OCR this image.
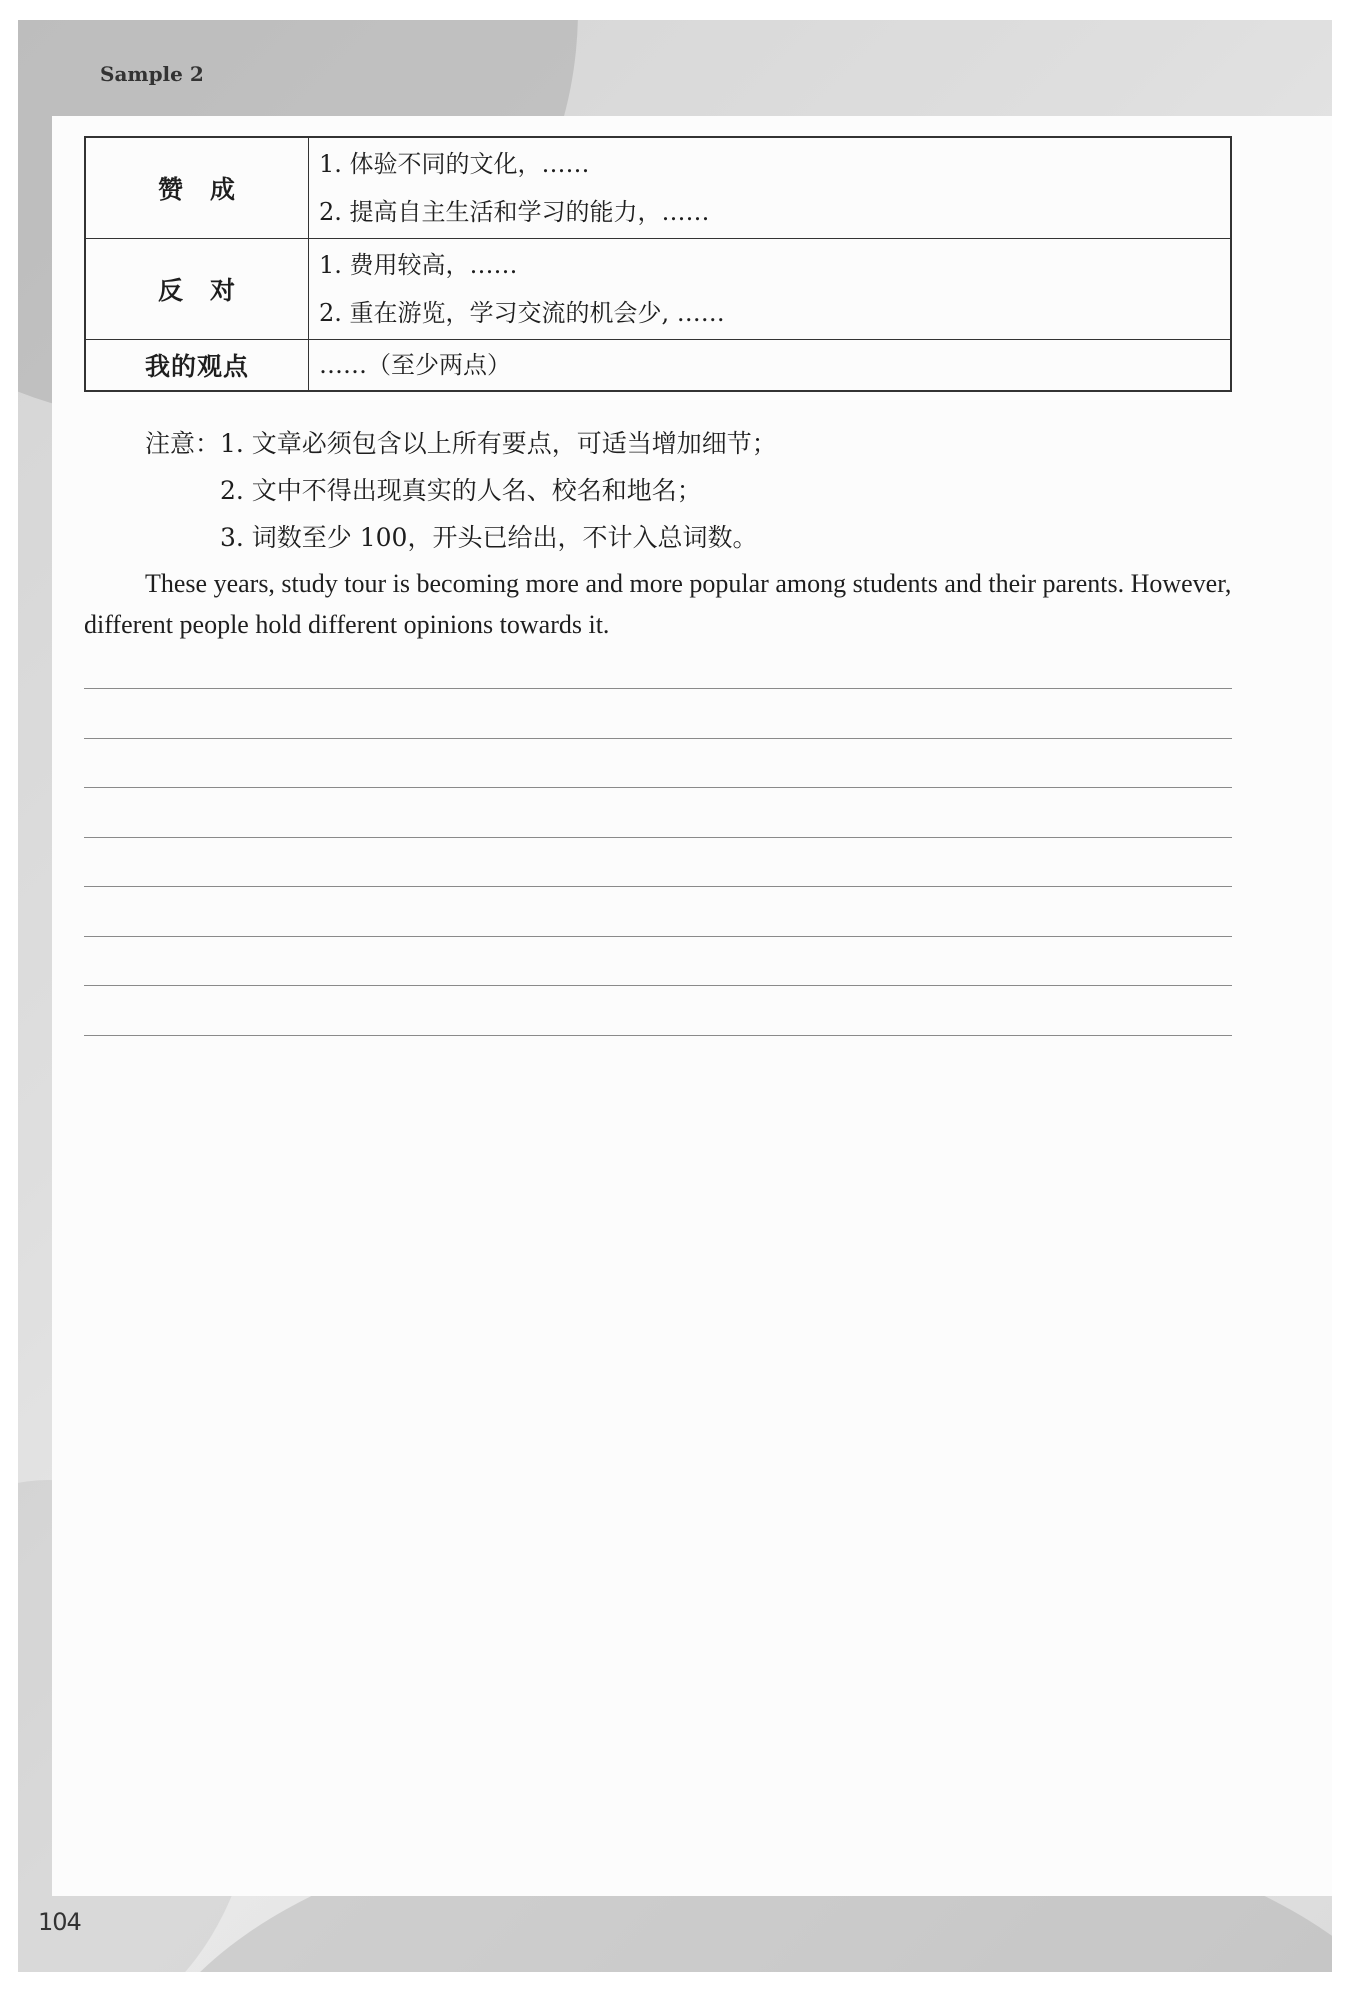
Sample 2
赞　成	1. 体验不同的文化，……
2. 提高自主生活和学习的能力，……

反　对	1. 费用较高，……
2. 重在游览，学习交流的机会少, ……

我的观点	……（至少两点）
注意：1. 文章必须包含以上所有要点，可适当增加细节；
2. 文中不得出现真实的人名、校名和地名；
3. 词数至少 100，开头已给出，不计入总词数。
These years, study tour is becoming more and more popular among students and their parents. However, different people hold different opinions towards it.
104
